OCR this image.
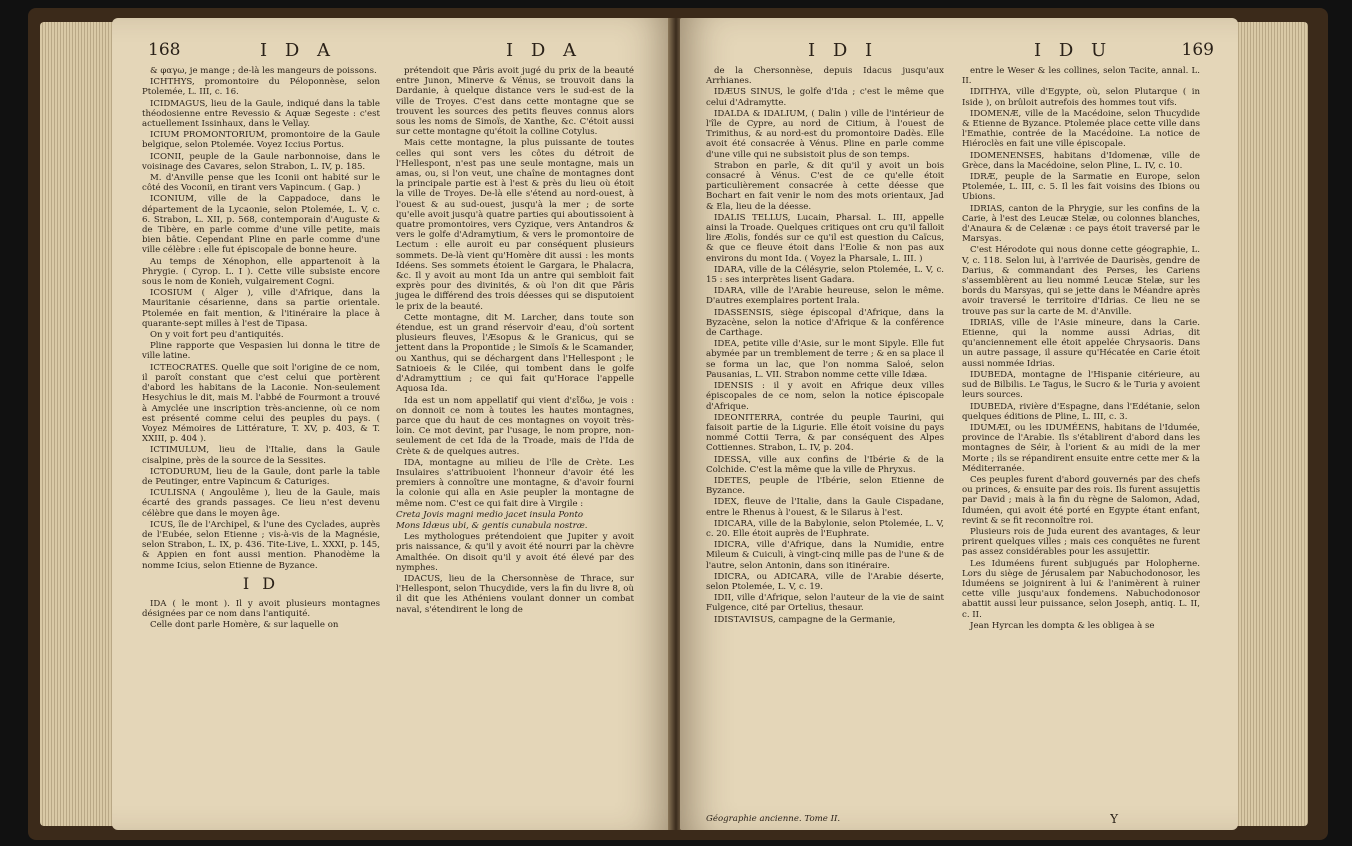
168	I D A	I D A

& φαγω, je mange ; de-là les mangeurs de poissons.

ICHTHYS, promontoire du Péloponnèse, selon Ptolemée, L. III, c. 16.

ICIDMAGUS, lieu de la Gaule, indiqué dans la table théodosienne entre Revessio & Aquæ Segeste : c'est actuellement Issinhaux, dans le Vellay.

ICIUM PROMONTORIUM, promontoire de la Gaule belgique, selon Ptolemée. Voyez Iccius Portus.

ICONII, peuple de la Gaule narbonnoise, dans le voisinage des Cavares, selon Strabon, L. IV, p. 185.

M. d'Anville pense que les Iconii ont habité sur le côté des Voconii, en tirant vers Vapincum. ( Gap. )

ICONIUM, ville de la Cappadoce, dans le département de la Lycaonie, selon Ptolemée, L. V, c. 6. Strabon, L. XII, p. 568, contemporain d'Auguste & de Tibère, en parle comme d'une ville petite, mais bien bâtie. Cependant Pline en parle comme d'une ville célèbre : elle fut épiscopale de bonne heure.

Au temps de Xénophon, elle appartenoit à la Phrygie. ( Cyrop. L. I ). Cette ville subsiste encore sous le nom de Konieh, vulgairement Cogni.

ICOSIUM ( Alger ), ville d'Afrique, dans la Mauritanie césarienne, dans sa partie orientale. Ptolemée en fait mention, & l'itinéraire la place à quarante-sept milles à l'est de Tipasa.

On y voit fort peu d'antiquités.

Pline rapporte que Vespasien lui donna le titre de ville latine.

ICTEOCRATES. Quelle que soit l'origine de ce nom, il paroît constant que c'est celui que portèrent d'abord les habitans de la Laconie. Non-seulement Hesychius le dit, mais M. l'abbé de Fourmont a trouvé à Amyclée une inscription très-ancienne, où ce nom est présenté comme celui des peuples du pays. ( Voyez Mémoires de Littérature, T. XV, p. 403, & T. XXIII, p. 404 ).

ICTIMULUM, lieu de l'Italie, dans la Gaule cisalpine, près de la source de la Sessites.

ICTODURUM, lieu de la Gaule, dont parle la table de Peutinger, entre Vapincum & Caturiges.

ICULISNA ( Angoulême ), lieu de la Gaule, mais écarté des grands passages. Ce lieu n'est devenu célèbre que dans le moyen âge.

ICUS, île de l'Archipel, & l'une des Cyclades, auprès de l'Eubée, selon Etienne ; vis-à-vis de la Magnésie, selon Strabon, L. IX, p. 436. Tite-Live, L. XXXI, p. 145, & Appien en font aussi mention. Phanodème la nomme Icius, selon Etienne de Byzance.

I D

IDA ( le mont ). Il y avoit plusieurs montagnes désignées par ce nom dans l'antiquité.

Celle dont parle Homère, & sur laquelle on

prétendoit que Pâris avoit jugé du prix de la beauté entre Junon, Minerve & Vénus, se trouvoit dans la Dardanie, à quelque distance vers le sud-est de la ville de Troyes. C'est dans cette montagne que se trouvent les sources des petits fleuves connus alors sous les noms de Simoïs, de Xanthe, &c. C'étoit aussi sur cette montagne qu'étoit la colline Cotylus.

Mais cette montagne, la plus puissante de toutes celles qui sont vers les côtes du détroit de l'Hellespont, n'est pas une seule montagne, mais un amas, ou, si l'on veut, une chaîne de montagnes dont la principale partie est à l'est & près du lieu où étoit la ville de Troyes. De-là elle s'étend au nord-ouest, à l'ouest & au sud-ouest, jusqu'à la mer ; de sorte qu'elle avoit jusqu'à quatre parties qui aboutissoient à quatre promontoires, vers Cyzique, vers Antandros & vers le golfe d'Adramytium, & vers le promontoire de Lectum : elle auroit eu par conséquent plusieurs sommets. De-là vient qu'Homère dit aussi : les monts Idéens. Ses sommets étoient le Gargara, le Phalacra, &c. Il y avoit au mont Ida un antre qui sembloit fait exprès pour des divinités, & où l'on dit que Pâris jugea le différend des trois déesses qui se disputoient le prix de la beauté.

Cette montagne, dit M. Larcher, dans toute son étendue, est un grand réservoir d'eau, d'où sortent plusieurs fleuves, l'Æsopus & le Granicus, qui se jettent dans la Propontide ; le Simoïs & le Scamander, ou Xanthus, qui se déchargent dans l'Hellespont ; le Satnioeis & le Cilée, qui tombent dans le golfe d'Adramyttium ; ce qui fait qu'Horace l'appelle Aquosa Ida.

Ida est un nom appellatif qui vient d'εἴδω, je vois : on donnoit ce nom à toutes les hautes montagnes, parce que du haut de ces montagnes on voyoit très-loin. Ce mot devint, par l'usage, le nom propre, non-seulement de cet Ida de la Troade, mais de l'Ida de Crète & de quelques autres.

IDA, montagne au milieu de l'île de Crète. Les Insulaires s'attribuoient l'honneur d'avoir été les premiers à connoître une montagne, & d'avoir fourni la colonie qui alla en Asie peupler la montagne de même nom. C'est ce qui fait dire à Virgile :

Creta Jovis magni medio jacet insula Ponto

Mons Idæus ubi, & gentis cunabula nostræ.

Les mythologues prétendoient que Jupiter y avoit pris naissance, & qu'il y avoit été nourri par la chèvre Amalthée. On disoit qu'il y avoit été élevé par des nymphes.

IDACUS, lieu de la Chersonnèse de Thrace, sur l'Hellespont, selon Thucydide, vers la fin du livre 8, où il dit que les Athéniens voulant donner un combat naval, s'étendirent le long de

I D I	I D U	169

de la Chersonnèse, depuis Idacus jusqu'aux Arrhianes.

IDÆUS SINUS, le golfe d'Ida ; c'est le même que celui d'Adramytte.

IDALDA & IDALIUM, ( Dalin ) ville de l'intérieur de l'île de Cypre, au nord de Citium, à l'ouest de Trimithus, & au nord-est du promontoire Dadès. Elle avoit été consacrée à Vénus. Pline en parle comme d'une ville qui ne subsistoit plus de son temps.

Strabon en parle, & dit qu'il y avoit un bois consacré à Vénus. C'est de ce qu'elle étoit particulièrement consacrée à cette déesse que Bochart en fait venir le nom des mots orientaux, Jad & Ela, lieu de la déesse.

IDALIS TELLUS, Lucain, Pharsal. L. III, appelle ainsi la Troade. Quelques critiques ont cru qu'il falloit lire Æolis, fondés sur ce qu'il est question du Caïcus, & que ce fleuve étoit dans l'Eolie & non pas aux environs du mont Ida. ( Voyez la Pharsale, L. III. )

IDARA, ville de la Célésyrie, selon Ptolemée, L. V, c. 15 : ses interprètes lisent Gadara.

IDARA, ville de l'Arabie heureuse, selon le même. D'autres exemplaires portent Irala.

IDASSENSIS, siège épiscopal d'Afrique, dans la Byzacène, selon la notice d'Afrique & la conférence de Carthage.

IDEA, petite ville d'Asie, sur le mont Sipyle. Elle fut abymée par un tremblement de terre ; & en sa place il se forma un lac, que l'on nomma Saloé, selon Pausanias, L. VII. Strabon nomme cette ville Idæa.

IDENSIS : il y avoit en Afrique deux villes épiscopales de ce nom, selon la notice épiscopale d'Afrique.

IDEONITERRA, contrée du peuple Taurini, qui faisoit partie de la Ligurie. Elle étoit voisine du pays nommé Cottii Terra, & par conséquent des Alpes Cottiennes. Strabon, L. IV, p. 204.

IDESSA, ville aux confins de l'Ibérie & de la Colchide. C'est la même que la ville de Phryxus.

IDETES, peuple de l'Ibérie, selon Etienne de Byzance.

IDEX, fleuve de l'Italie, dans la Gaule Cispadane, entre le Rhenus à l'ouest, & le Silarus à l'est.

IDICARA, ville de la Babylonie, selon Ptolemée, L. V, c. 20. Elle étoit auprès de l'Euphrate.

IDICRA, ville d'Afrique, dans la Numidie, entre Mileum & Cuiculi, à vingt-cinq mille pas de l'une & de l'autre, selon Antonin, dans son itinéraire.

IDICRA, ou ADICARA, ville de l'Arabie déserte, selon Ptolemée, L. V, c. 19.

IDII, ville d'Afrique, selon l'auteur de la vie de saint Fulgence, cité par Ortelius, thesaur.

IDISTAVISUS, campagne de la Germanie,

entre le Weser & les collines, selon Tacite, annal. L. II.

IDITHYA, ville d'Egypte, où, selon Plutarque ( in Iside ), on brûloit autrefois des hommes tout vifs.

IDOMENÆ, ville de la Macédoine, selon Thucydide & Etienne de Byzance. Ptolemée place cette ville dans l'Emathie, contrée de la Macédoine. La notice de Hiéroclès en fait une ville épiscopale.

IDOMENENSES, habitans d'Idomenæ, ville de Grèce, dans la Macédoine, selon Pline, L. IV, c. 10.

IDRÆ, peuple de la Sarmatie en Europe, selon Ptolemée, L. III, c. 5. Il les fait voisins des Ibions ou Ubions.

IDRIAS, canton de la Phrygie, sur les confins de la Carie, à l'est des Leucæ Stelæ, ou colonnes blanches, d'Anaura & de Celænæ : ce pays étoit traversé par le Marsyas.

C'est Hérodote qui nous donne cette géographie, L. V, c. 118. Selon lui, à l'arrivée de Daurisès, gendre de Darius, & commandant des Perses, les Cariens s'assemblèrent au lieu nommé Leucæ Stelæ, sur les bords du Marsyas, qui se jette dans le Méandre après avoir traversé le territoire d'Idrias. Ce lieu ne se trouve pas sur la carte de M. d'Anville.

IDRIAS, ville de l'Asie mineure, dans la Carie. Etienne, qui la nomme aussi Adrias, dit qu'anciennement elle étoit appelée Chrysaoris. Dans un autre passage, il assure qu'Hécatée en Carie étoit aussi nommée Idrias.

IDUBEDA, montagne de l'Hispanie citérieure, au sud de Bilbilis. Le Tagus, le Sucro & le Turia y avoient leurs sources.

IDUBEDA, rivière d'Espagne, dans l'Edétanie, selon quelques éditions de Pline, L. III, c. 3.

IDUMÆI, ou les IDUMÉENS, habitans de l'Idumée, province de l'Arabie. Ils s'établirent d'abord dans les montagnes de Séir, à l'orient & au midi de la mer Morte ; ils se répandirent ensuite entre cette mer & la Méditerranée.

Ces peuples furent d'abord gouvernés par des chefs ou princes, & ensuite par des rois. Ils furent assujettis par David ; mais à la fin du règne de Salomon, Adad, Iduméen, qui avoit été porté en Egypte étant enfant, revint & se fit reconnoître roi.

Plusieurs rois de Juda eurent des avantages, & leur prirent quelques villes ; mais ces conquêtes ne furent pas assez considérables pour les assujettir.

Les Iduméens furent subjugués par Holopherne. Lors du siège de Jérusalem par Nabuchodonosor, les Iduméens se joignirent à lui & l'animèrent à ruiner cette ville jusqu'aux fondemens. Nabuchodonosor abattit aussi leur puissance, selon Joseph, antiq. L. II, c. II.

Jean Hyrcan les dompta & les obligea à se

Géographie ancienne. Tome II.	Y
